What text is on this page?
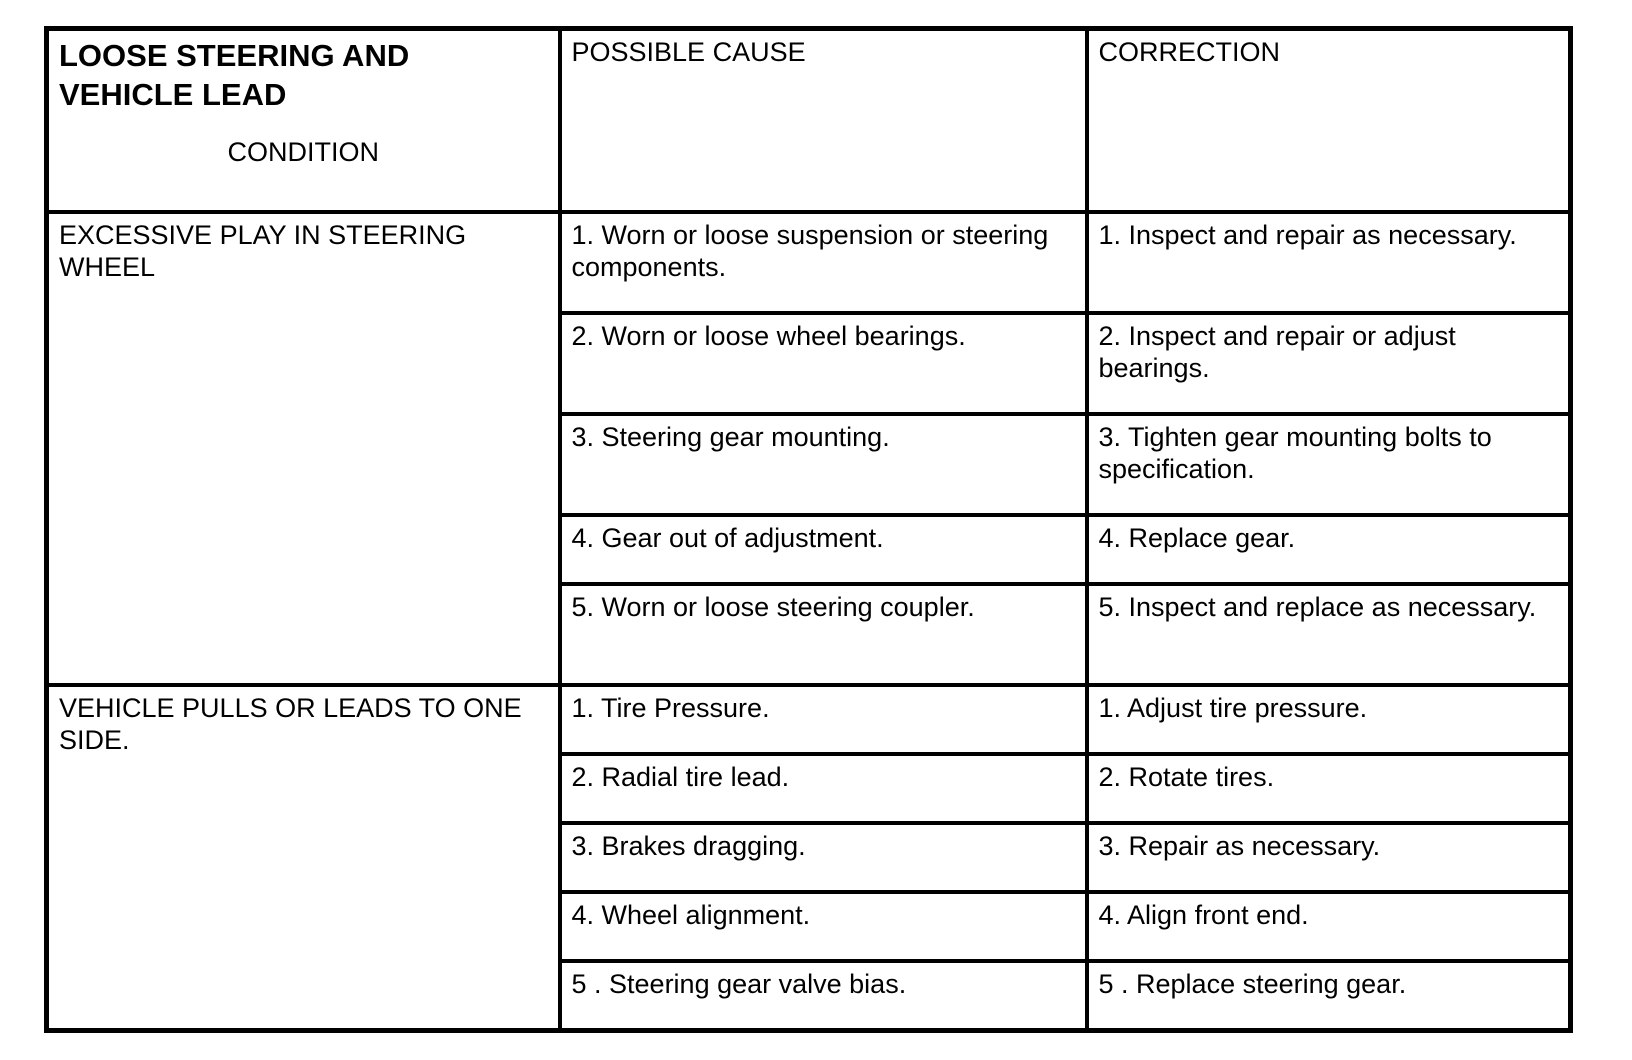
LOOSE STEERING AND
VEHICLE LEAD
CONDITION	POSSIBLE CAUSE	CORRECTION
EXCESSIVE PLAY IN STEERING WHEEL	1. Worn or loose suspension or steering components.	1. Inspect and repair as necessary.
	2. Worn or loose wheel bearings.	2. Inspect and repair or adjust bearings.
	3. Steering gear mounting.	3. Tighten gear mounting bolts to specification.
	4. Gear out of adjustment.	4. Replace gear.
	5. Worn or loose steering coupler.	5. Inspect and replace as necessary.
VEHICLE PULLS OR LEADS TO ONE SIDE.	1. Tire Pressure.	1. Adjust tire pressure.
	2. Radial tire lead.	2. Rotate tires.
	3. Brakes dragging.	3. Repair as necessary.
	4. Wheel alignment.	4. Align front end.
	5 . Steering gear valve bias.	5 . Replace steering gear.
